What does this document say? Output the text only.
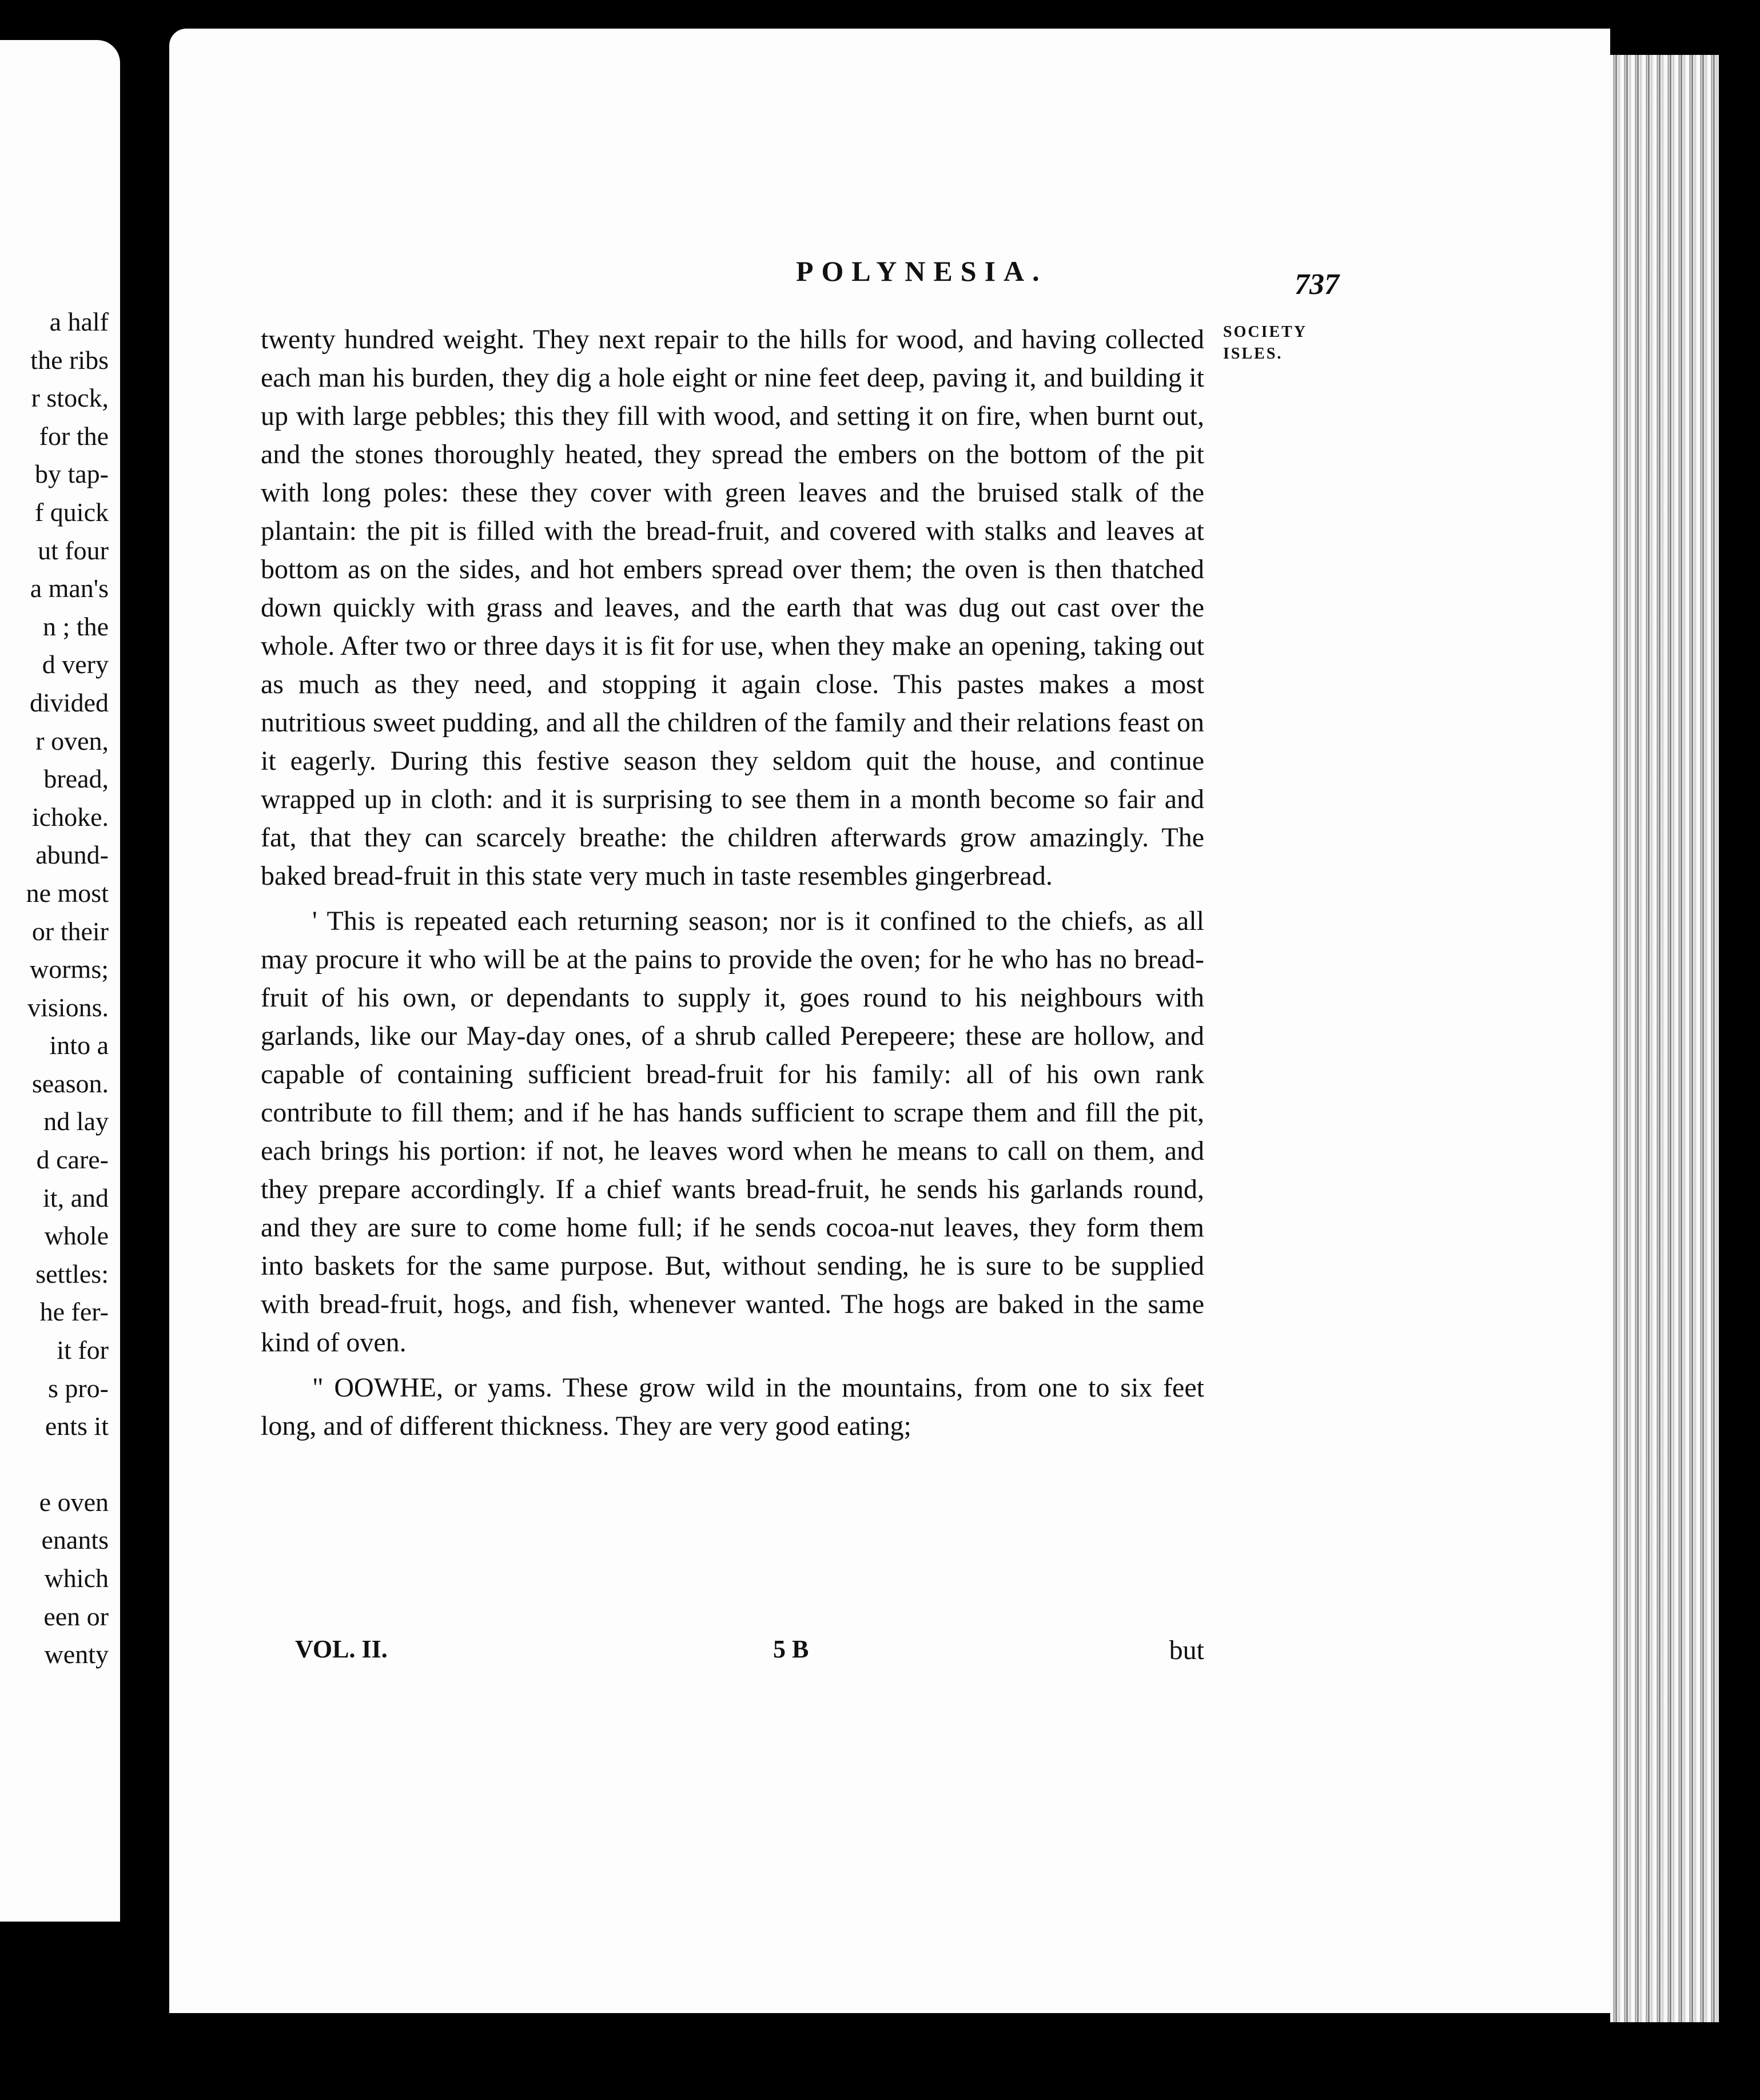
a half
the ribs
r stock,
for the
by tap-
f quick
ut four
a man's
n ; the
d very
divided
r oven,
bread,
ichoke.
abund-
ne most
or their
worms;
visions.
into a
season.
nd lay
d care-
it, and
whole
settles:
he fer-
it for
s pro-
ents it
e oven
enants
which
een or
wenty
POLYNESIA.	737
SOCIETY
ISLES.

twenty hundred weight. They next repair to the hills for wood, and having collected each man his burden, they dig a hole eight or nine feet deep, paving it, and building it up with large pebbles; this they fill with wood, and setting it on fire, when burnt out, and the stones thoroughly heated, they spread the embers on the bottom of the pit with long poles: these they cover with green leaves and the bruised stalk of the plantain: the pit is filled with the bread-fruit, and covered with stalks and leaves at bottom as on the sides, and hot embers spread over them; the oven is then thatched down quickly with grass and leaves, and the earth that was dug out cast over the whole. After two or three days it is fit for use, when they make an opening, taking out as much as they need, and stopping it again close. This pastes makes a most nutritious sweet pudding, and all the children of the family and their relations feast on it eagerly. During this festive season they seldom quit the house, and continue wrapped up in cloth: and it is surprising to see them in a month become so fair and fat, that they can scarcely breathe: the children afterwards grow amazingly. The baked bread-fruit in this state very much in taste resembles gingerbread.

' This is repeated each returning season; nor is it confined to the chiefs, as all may procure it who will be at the pains to provide the oven; for he who has no bread-fruit of his own, or dependants to supply it, goes round to his neighbours with garlands, like our May-day ones, of a shrub called Perepeere; these are hollow, and capable of containing sufficient bread-fruit for his family: all of his own rank contribute to fill them; and if he has hands sufficient to scrape them and fill the pit, each brings his portion: if not, he leaves word when he means to call on them, and they prepare accordingly. If a chief wants bread-fruit, he sends his garlands round, and they are sure to come home full; if he sends cocoa-nut leaves, they form them into baskets for the same purpose. But, without sending, he is sure to be supplied with bread-fruit, hogs, and fish, whenever wanted. The hogs are baked in the same kind of oven.

" OOWHE, or yams. These grow wild in the mountains, from one to six feet long, and of different thickness. They are very good eating;

VOL. II.	5 B	but
